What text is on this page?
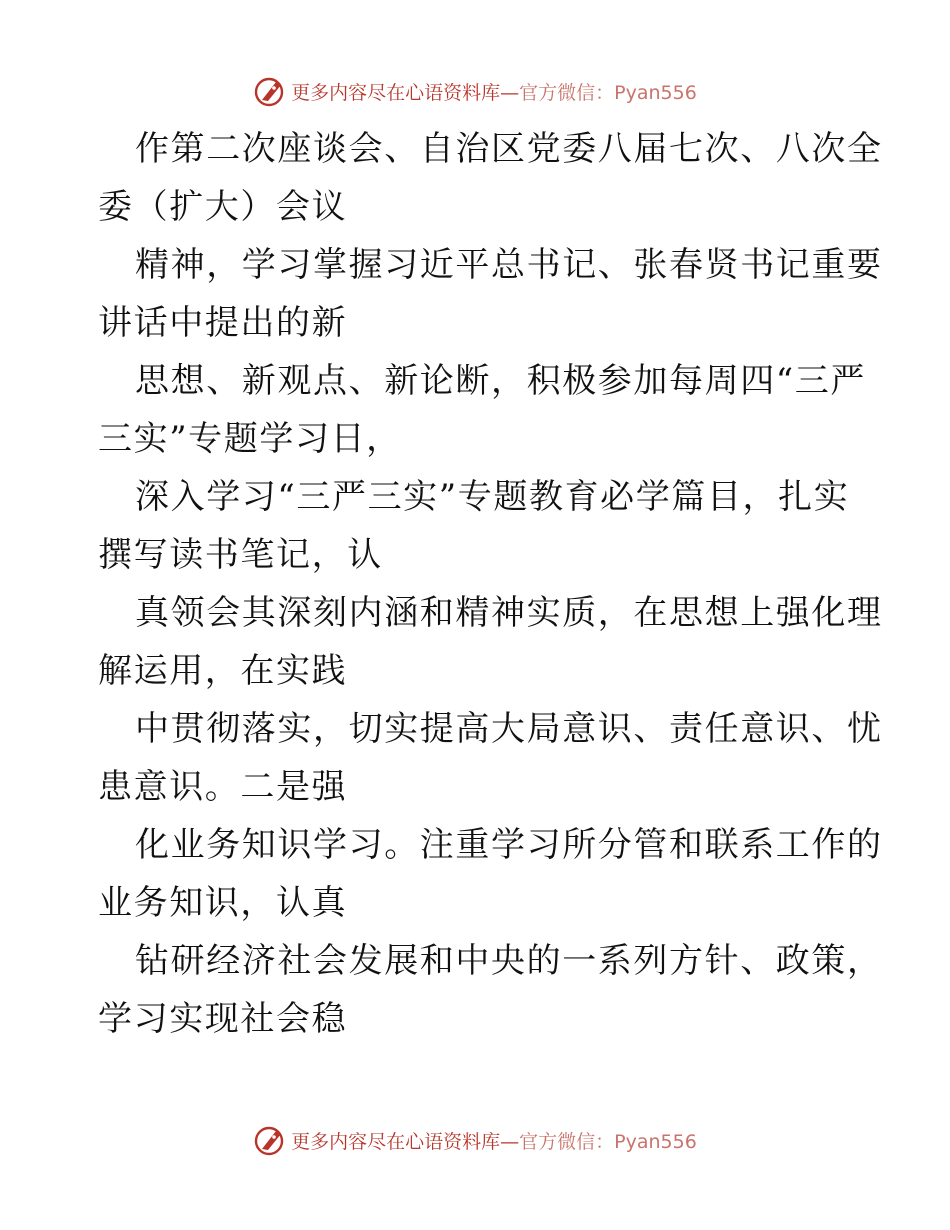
更多内容尽在心语资料库— 官方微信：Pyan556

作第二次座谈会、自治区党委八届七次、八次全
委（扩大）会议

精神，学习掌握习近平总书记、张春贤书记重要
讲话中提出的新

思想、新观点、新论断，积极参加每周四“三严
三实”专题学习日，

深入学习“三严三实”专题教育必学篇目，扎实
撰写读书笔记，认

真领会其深刻内涵和精神实质，在思想上强化理
解运用，在实践

中贯彻落实，切实提高大局意识、责任意识、忧
患意识。二是强

化业务知识学习。注重学习所分管和联系工作的
业务知识，认真

钻研经济社会发展和中央的一系列方针、政策，
学习实现社会稳

更多内容尽在心语资料库— 官方微信：Pyan556
